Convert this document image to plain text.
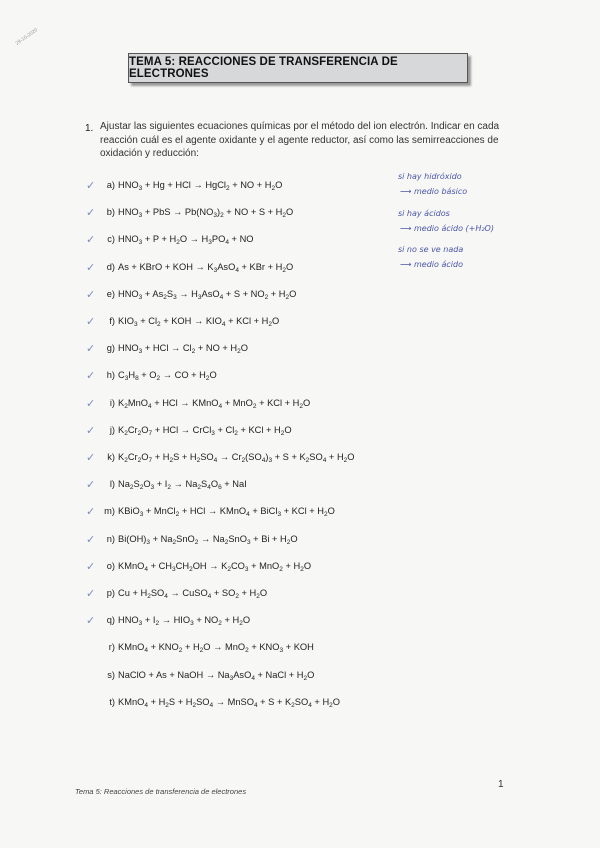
29-10-2020
TEMA 5: REACCIONES DE TRANSFERENCIA DE ELECTRONES
1. Ajustar las siguientes ecuaciones químicas por el método del ion electrón. Indicar en cada reacción cuál es el agente oxidante y el agente reductor, así como las semirreacciones de oxidación y reducción:
✓	a) $HNO_3 + Hg$ + HCl → HgCl$_2$ + NO + $H_2O$
✓	b) $HNO_3$ + PbS → $Pb(NO_3)_2$ + NO + $S + H_2O$
✓	c) $HNO_3 + P + H_2O \to H_3PO_4$ + NO
✓	d) As + KBrO + KOH → $K_3AsO_4$ + KBr + $H_2O$
✓	e) $HNO_3 + As_2S_3 \to H_3AsO_4 + S + NO_2 + H_2O$
✓	f) $KIO_3 + Cl_2$ + KOH → $KIO_4$ + KCl + $H_2O$
✓	g) $HNO_3$ + HCl → $Cl_2$ + NO + $H_2O$
✓	h) $C_3H_8 + O_2$ → CO + $H_2O$
✓	i) $K_2MnO_4$ + HCl → KMnO$_4$ + MnO$_2$ + KCl + $H_2O$
✓	j) $K_2Cr_2O_7$ + HCl → CrCl$_3$ + $Cl_2$ + KCl + $H_2O$
✓	k) $K_2Cr_2O_7 + H_2S + H_2SO_4 \to Cr_2(SO_4)_3 + S + K_2SO_4 + H_2O$
✓	l) $Na_2S_2O_3 + I_2 \to Na_2S_4O_6$ + NaI
✓ m) KBiO$_3$ + MnCl$_2$ + HCl → KMnO$_4$ + BiCl$_3$ + KCl + $H_2O$
✓	n) $Bi(OH)_3 + Na_2SnO_2 \to Na_2SnO_3 + Bi + H_2O$
✓	o) KMnO$_4$ + $CH_3CH_2OH \to K_2CO_3 + MnO_2 + H_2O$
✓	p) $Cu + H_2SO_4$ → CuSO$_4$ + $SO_2 + H_2O$
✓	q) $HNO_3 + I_2 \to HIO_3 + NO_2 + H_2O$
r) KMnO$_4$ + $KNO_2 + H_2O \to MnO_2 + KNO_3$ + KOH
s) NaClO + As + NaOH → $Na_3AsO_4$ + NaCl + $H_2O$
t) KMnO$_4$ + $H_2S + H_2SO_4$ → MnSO$_4$ + $S + K_2SO_4 + H_2O$
si hay hidróxido
⟶ medio básico
si hay ácidos
⟶ medio ácido (+H₂O)
si no se ve nada
⟶ medio ácido
Tema 5: Reacciones de transferencia de electrones
1
